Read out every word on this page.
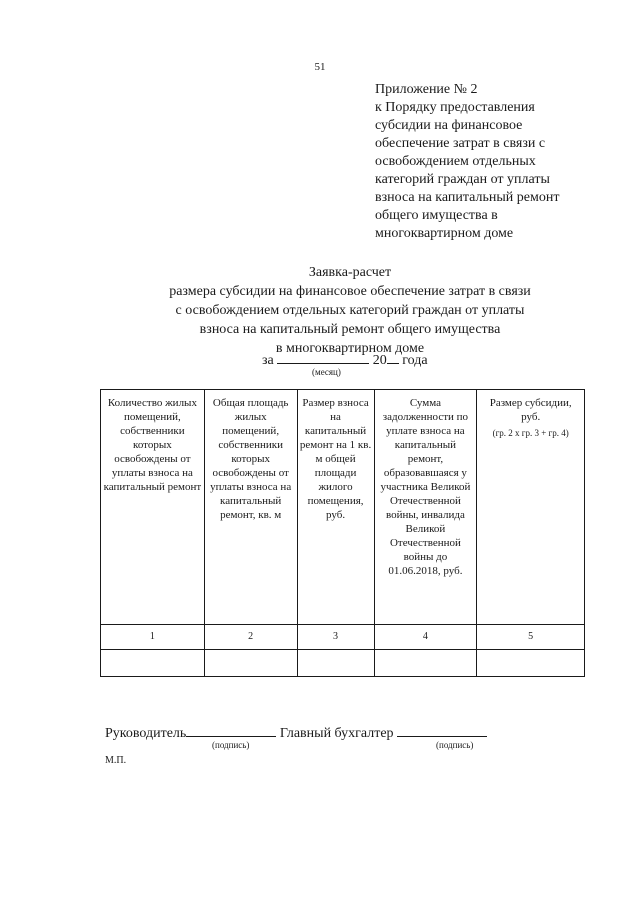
51
Приложение № 2
к Порядку предоставления
субсидии на финансовое
обеспечение затрат в связи с
освобождением отдельных
категорий граждан от уплаты
взноса на капитальный ремонт
общего имущества в
многоквартирном доме
Заявка-расчет
размера субсидии на финансовое обеспечение затрат в связи
с освобождением отдельных категорий граждан от уплаты
взноса на капитальный ремонт общего имущества
в многоквартирном доме
за	20 года
(месяц)
Количество жилых помещений, собственники которых освобождены от уплаты взноса на капитальный ремонт	Общая площадь жилых помещений, собственники которых освобождены от уплаты взноса на капитальный ремонт, кв. м	Размер взноса на капитальный ремонт на 1 кв. м общей площади жилого помещения, руб.	Сумма задолженности по уплате взноса на капитальный ремонт, образовавшаяся у участника Великой Отечественной войны, инвалида Великой Отечественной войны до 01.06.2018, руб.	Размер субсидии, руб.
(гр. 2 х гр. 3 + гр. 4)

1	2	3	4	5

Руководитель	Главный бухгалтер
(подпись)	(подпись)
М.П.
